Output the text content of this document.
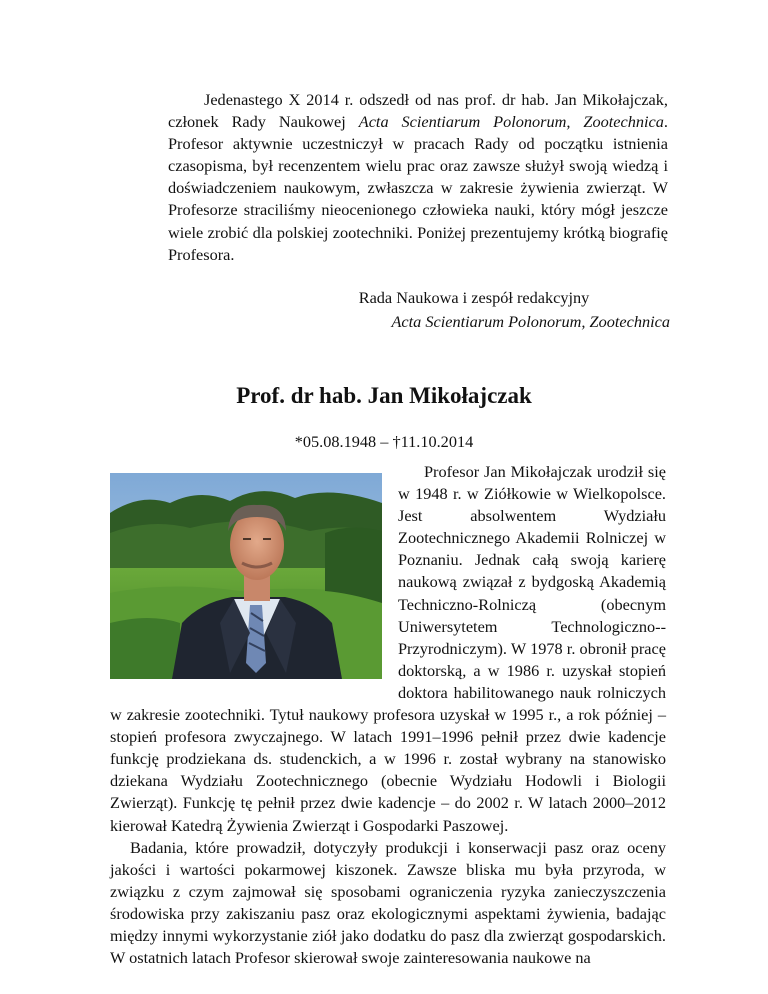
Jedenastego X 2014 r. odszedł od nas prof. dr hab. Jan Mikołajczak, członek Rady Naukowej Acta Scientiarum Polonorum, Zootechnica. Profesor aktywnie uczestniczył w pracach Rady od początku istnienia czasopisma, był recenzentem wielu prac oraz zawsze służył swoją wiedzą i doświadczeniem naukowym, zwłaszcza w zakresie żywienia zwierząt. W Profesorze straciliśmy nieocenionego człowieka nauki, który mógł jeszcze wiele zrobić dla polskiej zootechniki. Poniżej prezentujemy krótką biografię Profesora.

Rada Naukowa i zespół redakcyjny
Acta Scientiarum Polonorum, Zootechnica
Prof. dr hab. Jan Mikołajczak
*05.08.1948 – †11.10.2014

Profesor Jan Mikołajczak urodził się w 1948 r. w Ziółkowie w Wielkopolsce. Jest absolwentem Wydziału Zootechnicznego Akademii Rolniczej w Poznaniu. Jednak całą swoją karierę naukową związał z bydgoską Akademią Techniczno-Rolniczą (obecnym Uniwersytetem Technologiczno--Przyrodniczym). W 1978 r. obronił pracę doktorską, a w 1986 r. uzyskał stopień doktora habilitowanego nauk rolniczych w zakresie zootechniki. Tytuł naukowy profesora uzyskał w 1995 r., a rok później – stopień profesora zwyczajnego. W latach 1991–1996 pełnił przez dwie kadencje funkcję prodziekana ds. studenckich, a w 1996 r. został wybrany na stanowisko dziekana Wydziału Zootechnicznego (obecnie Wydziału Hodowli i Biologii Zwierząt). Funkcję tę pełnił przez dwie kadencje – do 2002 r. W latach 2000–2012 kierował Katedrą Żywienia Zwierząt i Gospodarki Paszowej.

Badania, które prowadził, dotyczyły produkcji i konserwacji pasz oraz oceny jakości i wartości pokarmowej kiszonek. Zawsze bliska mu była przyroda, w związku z czym zajmował się sposobami ograniczenia ryzyka zanieczyszczenia środowiska przy zakiszaniu pasz oraz ekologicznymi aspektami żywienia, badając między innymi wykorzystanie ziół jako dodatku do pasz dla zwierząt gospodarskich. W ostatnich latach Profesor skierował swoje zainteresowania naukowe na
